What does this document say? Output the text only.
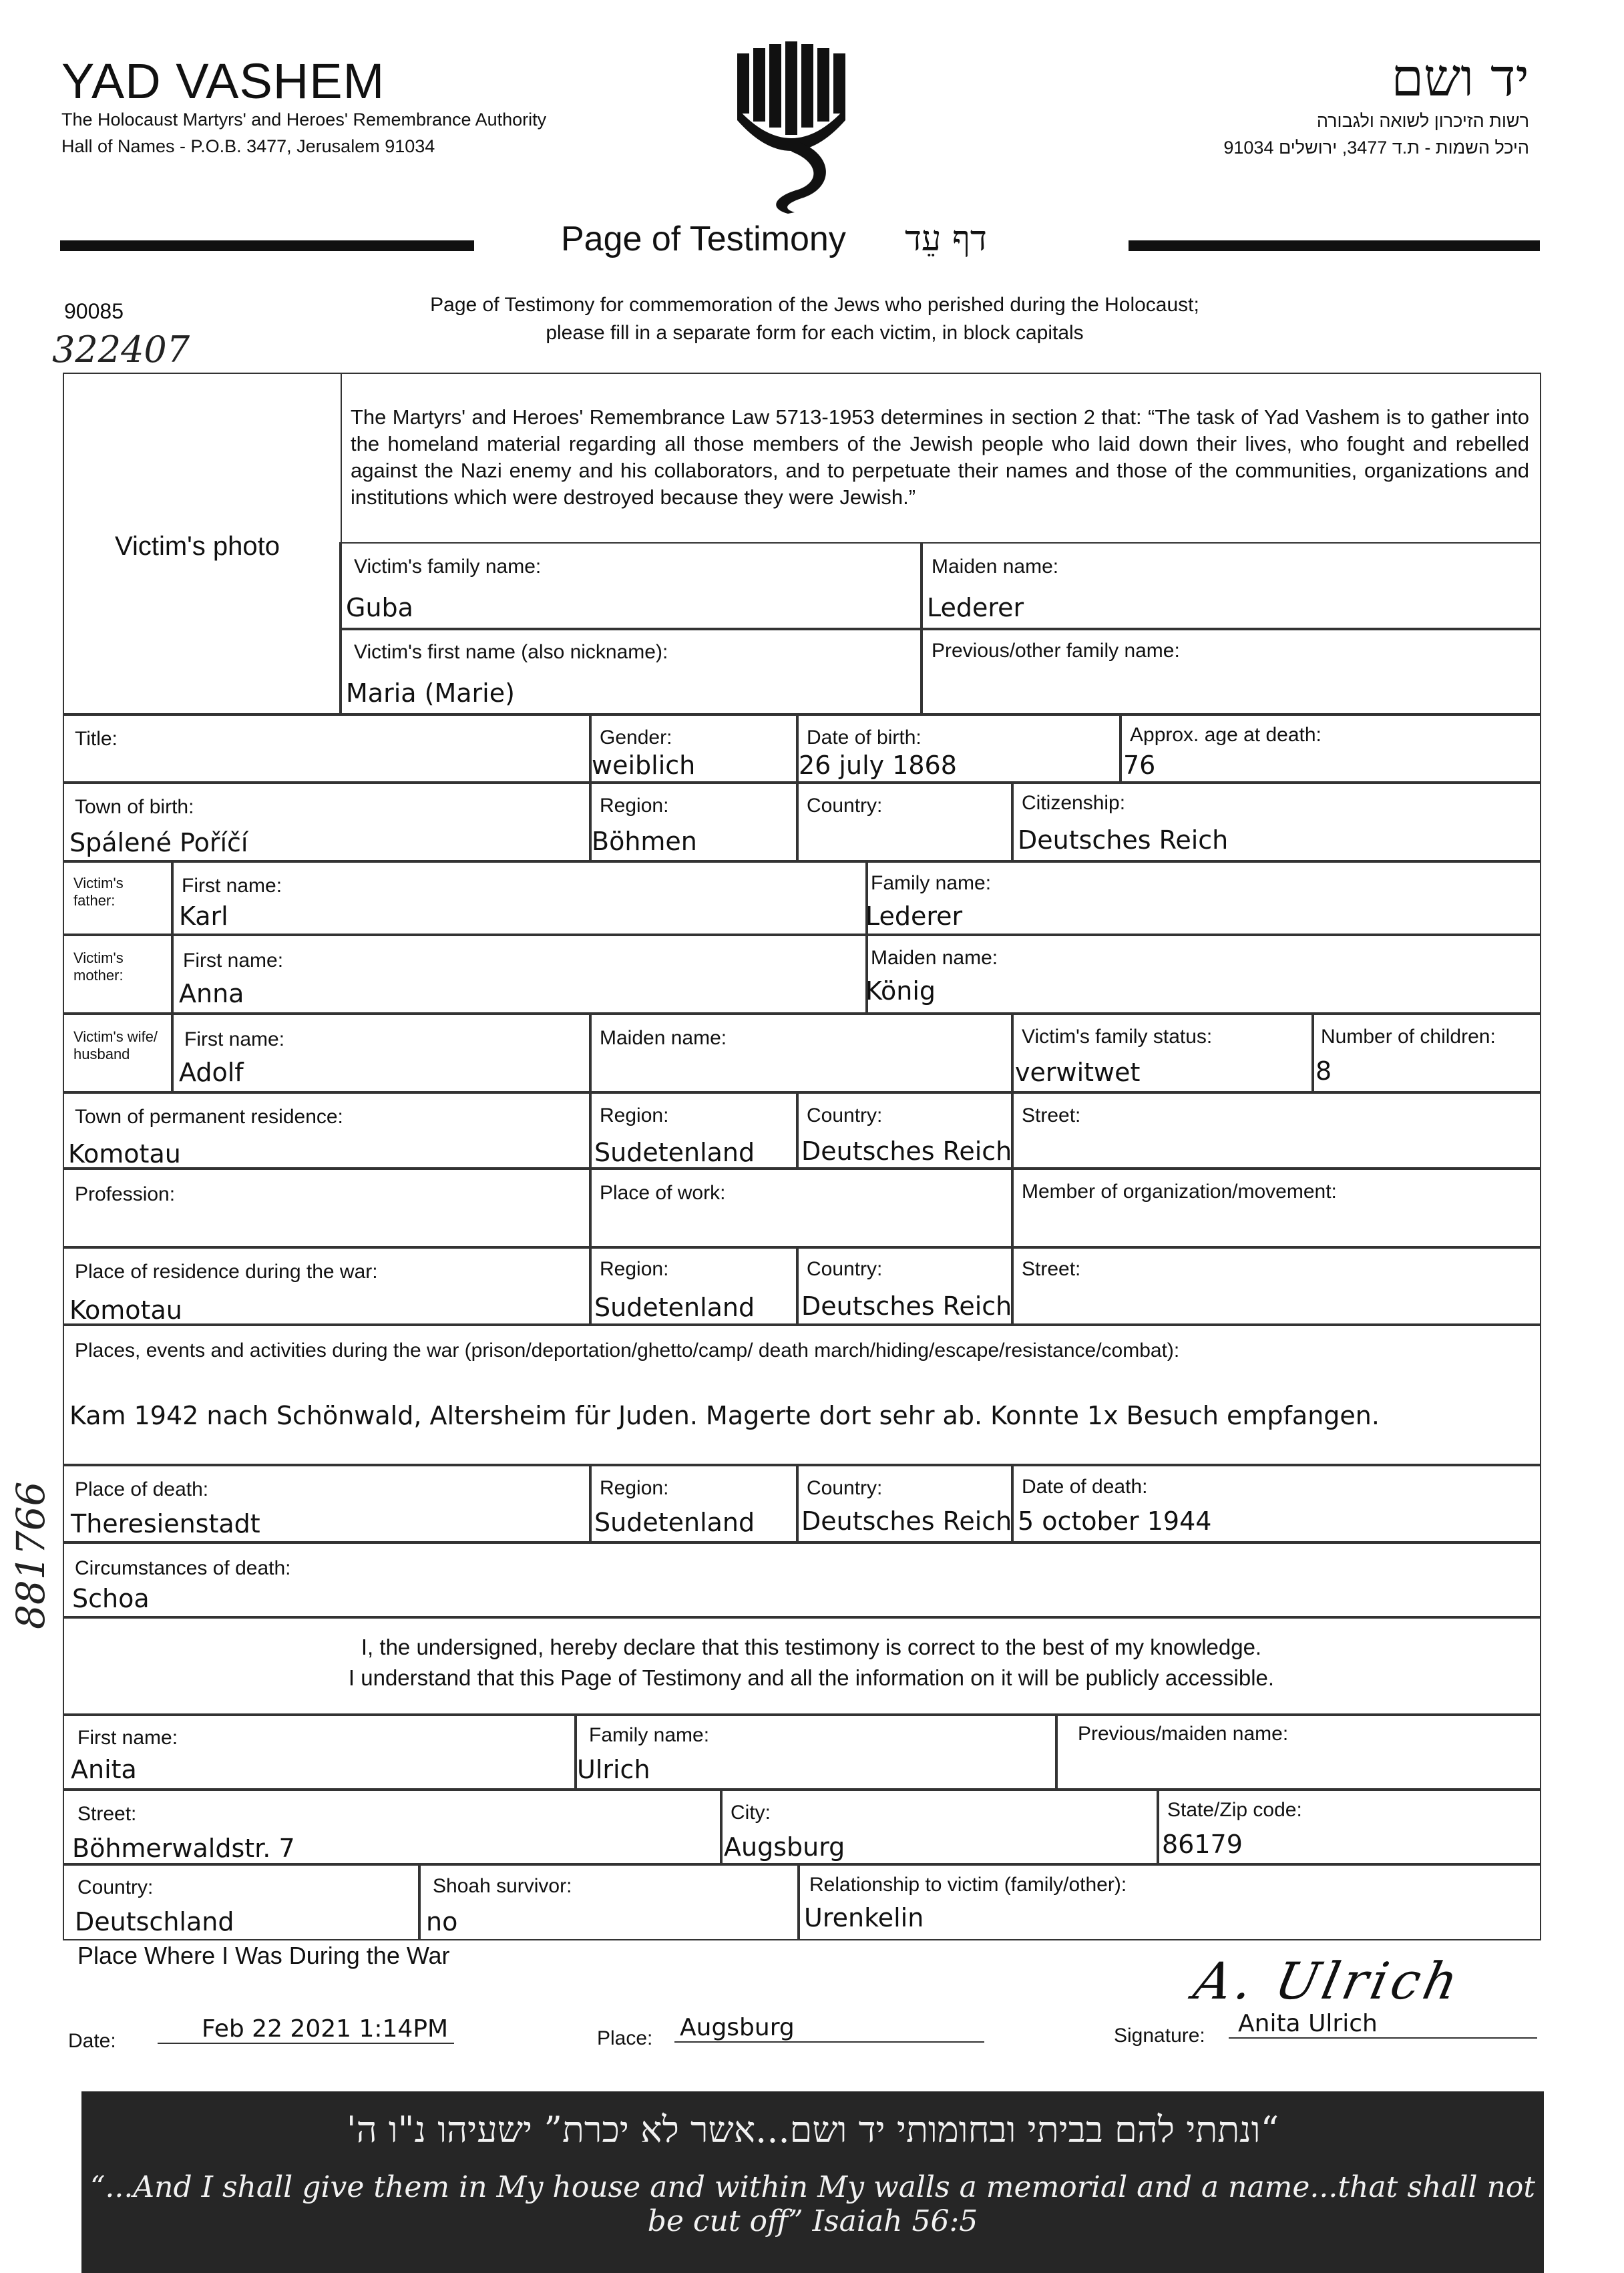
YAD VASHEM
The Holocaust Martyrs' and Heroes' Remembrance Authority
Hall of Names - P.O.B. 3477, Jerusalem 91034
יד ושם
רשות הזיכרון לשואה ולגבורה
היכל השמות - ת.ד 3477, ירושלים 91034
Page of Testimony דף עֵד
Page of Testimony for commemoration of the Jews who perished during the Holocaust;
please fill in a separate form for each victim, in block capitals
90085
322407
881766
Victim's photo
The Martyrs' and Heroes' Remembrance Law 5713-1953 determines in section 2 that: “The task of Yad Vashem is to gather into the homeland material regarding all those members of the Jewish people who laid down their lives, who fought and rebelled against the Nazi enemy and his collaborators, and to perpetuate their names and those of the communities, organizations and institutions which were destroyed because they were Jewish.”
Victim's family name:
Guba
Maiden name:
Lederer
Victim's first name (also nickname):
Maria (Marie)
Previous/other family name:
Title:	Gender:
weiblich
Date of birth:
26 july 1868
Approx. age at death:
76
Town of birth:
Spálené Poříčí
Region:
Böhmen
Country:	Citizenship:
Deutsches Reich
Victim's father:
First name:
Karl
Family name:
Lederer
Victim's mother:
First name:
Anna
Maiden name:
König
Victim's wife/ husband
First name:
Adolf
Maiden name:	Victim's family status:
verwitwet
Number of children:
8
Town of permanent residence:
Komotau
Region:
Sudetenland
Country:
Deutsches Reich
Street:
Profession:	Place of work:	Member of organization/movement:
Place of residence during the war:
Komotau
Region:
Sudetenland
Country:
Deutsches Reich
Street:
Places, events and activities during the war (prison/deportation/ghetto/camp/ death march/hiding/escape/resistance/combat):
Kam 1942 nach Schönwald, Altersheim für Juden. Magerte dort sehr ab. Konnte 1x Besuch empfangen.
Place of death:
Theresienstadt
Region:
Sudetenland
Country:
Deutsches Reich
Date of death:
5 october 1944
Circumstances of death:
Schoa
I, the undersigned, hereby declare that this testimony is correct to the best of my knowledge.
I understand that this Page of Testimony and all the information on it will be publicly accessible.
First name:
Anita
Family name:
Ulrich
Previous/maiden name:
Street:
Böhmerwaldstr. 7
City:
Augsburg
State/Zip code:
86179
Country:
Deutschland
Shoah survivor:
no
Relationship to victim (family/other):
Urenkelin
Place Where I Was During the War
Date:	Feb 22 2021 1:14PM	Place: Augsburg	Signature:	Anita Ulrich
A. Ulrich
“ונתתי להם בביתי ובחומותי יד ושם...אשר לא יכרת” ישעיהו נ"ו ה'
“...And I shall give them in My house and within My walls a memorial and a name...that shall not be cut off” Isaiah 56:5
